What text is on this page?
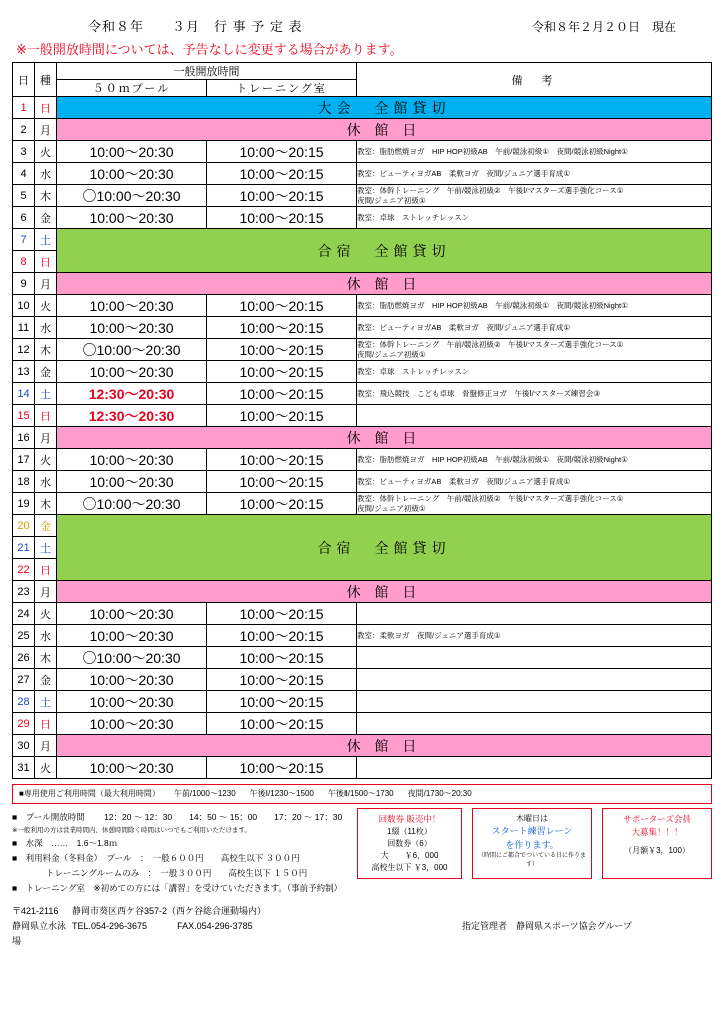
令和８年　　３月　行 事 予 定 表	令和８年２月２０日　現在
※一般開放時間については、予告なしに変更する場合があります。
日	種	一般開放時間		備　考
		５０ｍプール	トレーニング室	
1	日	大会　全館貸切		
2	月	休 館 日		
3	火	10:00～20:30	10:00～20:15	教室：脂肪燃焼ヨガ　HIP HOP初級AB　午前/競泳初級①　夜間/競泳初級Night①

4	水	10:00～20:30	10:00～20:15	教室：ビューティヨガAB　柔軟ヨガ　夜間/ジュニア選手育成①

5	木	〇10:00～20:30	10:00～20:15	教室：体幹トレーニング　午前/競泳初級②　午後Ⅰ/マスターズ選手強化コース①
夜間/ジュニア初級①

6	金	10:00～20:30	10:00～20:15	教室：卓球　ストレッチレッスン

7	土	合宿　全館貸切		
8	日			
9	月	休 館 日		
10	火	10:00～20:30	10:00～20:15	教室：脂肪燃焼ヨガ　HIP HOP初級AB　午前/競泳初級①　夜間/競泳初級Night①

11	水	10:00～20:30	10:00～20:15	教室：ビューティヨガAB　柔軟ヨガ　夜間/ジュニア選手育成①

12	木	〇10:00～20:30	10:00～20:15	教室：体幹トレーニング　午前/競泳初級②　午後Ⅰ/マスターズ選手強化コース①
夜間/ジュニア初級①

13	金	10:00～20:30	10:00～20:15	教室：卓球　ストレッチレッスン

14	土	12:30～20:30	10:00～20:15	教室：飛込競技　こども卓球　骨盤修正ヨガ　午後Ⅰ/マスターズ練習会③

15	日	12:30～20:30	10:00～20:15	

16	月	休 館 日		
17	火	10:00～20:30	10:00～20:15	教室：脂肪燃焼ヨガ　HIP HOP初級AB　午前/競泳初級①　夜間/競泳初級Night①

18	水	10:00～20:30	10:00～20:15	教室：ビューティヨガAB　柔軟ヨガ　夜間/ジュニア選手育成①

19	木	〇10:00～20:30	10:00～20:15	教室：体幹トレーニング　午前/競泳初級②　午後Ⅰ/マスターズ選手強化コース①
夜間/ジュニア初級①

20	金	合宿　全館貸切		
21	土			
22	日			
23	月	休 館 日		
24	火	10:00～20:30	10:00～20:15	

25	水	10:00～20:30	10:00～20:15	教室：柔軟ヨガ　夜間/ジュニア選手育成①

26	木	〇10:00～20:30	10:00～20:15	

27	金	10:00～20:30	10:00～20:15	

28	土	10:00～20:30	10:00～20:15	

29	日	10:00～20:30	10:00～20:15	

30	月	休 館 日		
31	火	10:00～20:30	10:00～20:15	
■専用使用ご利用時間（最大利用時間） 午前/1000～1230 午後Ⅰ/1230～1500 午後Ⅱ/1500～1730 夜間/1730～20:30
■　プール開放時間　　 12：20 ～ 12：30　　14：50 ～ 15：00　　17：20 ～ 17：30
※一般利用の方は営業時間内、休憩時間除く時間はいつでもご利用いただけます。
■　水深　……　1.6～1.8ｍ
■　利用料金（冬料金）　プール　：　一般６００円　　高校生以下 ３００円
　　　　トレーニングルームのみ　：　一般３００円　　高校生以下 １５０円
■　トレーニング室　※初めての方には「講習」を受けていただきます。（事前予約制）
回数券 販売中！
1綴（11枚）
回数券（6）
大　　￥6，000
高校生以下 ￥3，000
木曜日は
スタート練習レーン
を作ります。
（時間にご都合でついている日に作ります）
サポーターズ会員
大募集！！！
（月額￥3，100）
〒421-2116	静岡市葵区西ケ谷357-2（西ケ谷総合運動場内）
静岡県立水泳場
TEL.054-296-3675	FAX.054-296-3785	指定管理者　静岡県スポーツ協会グループ
